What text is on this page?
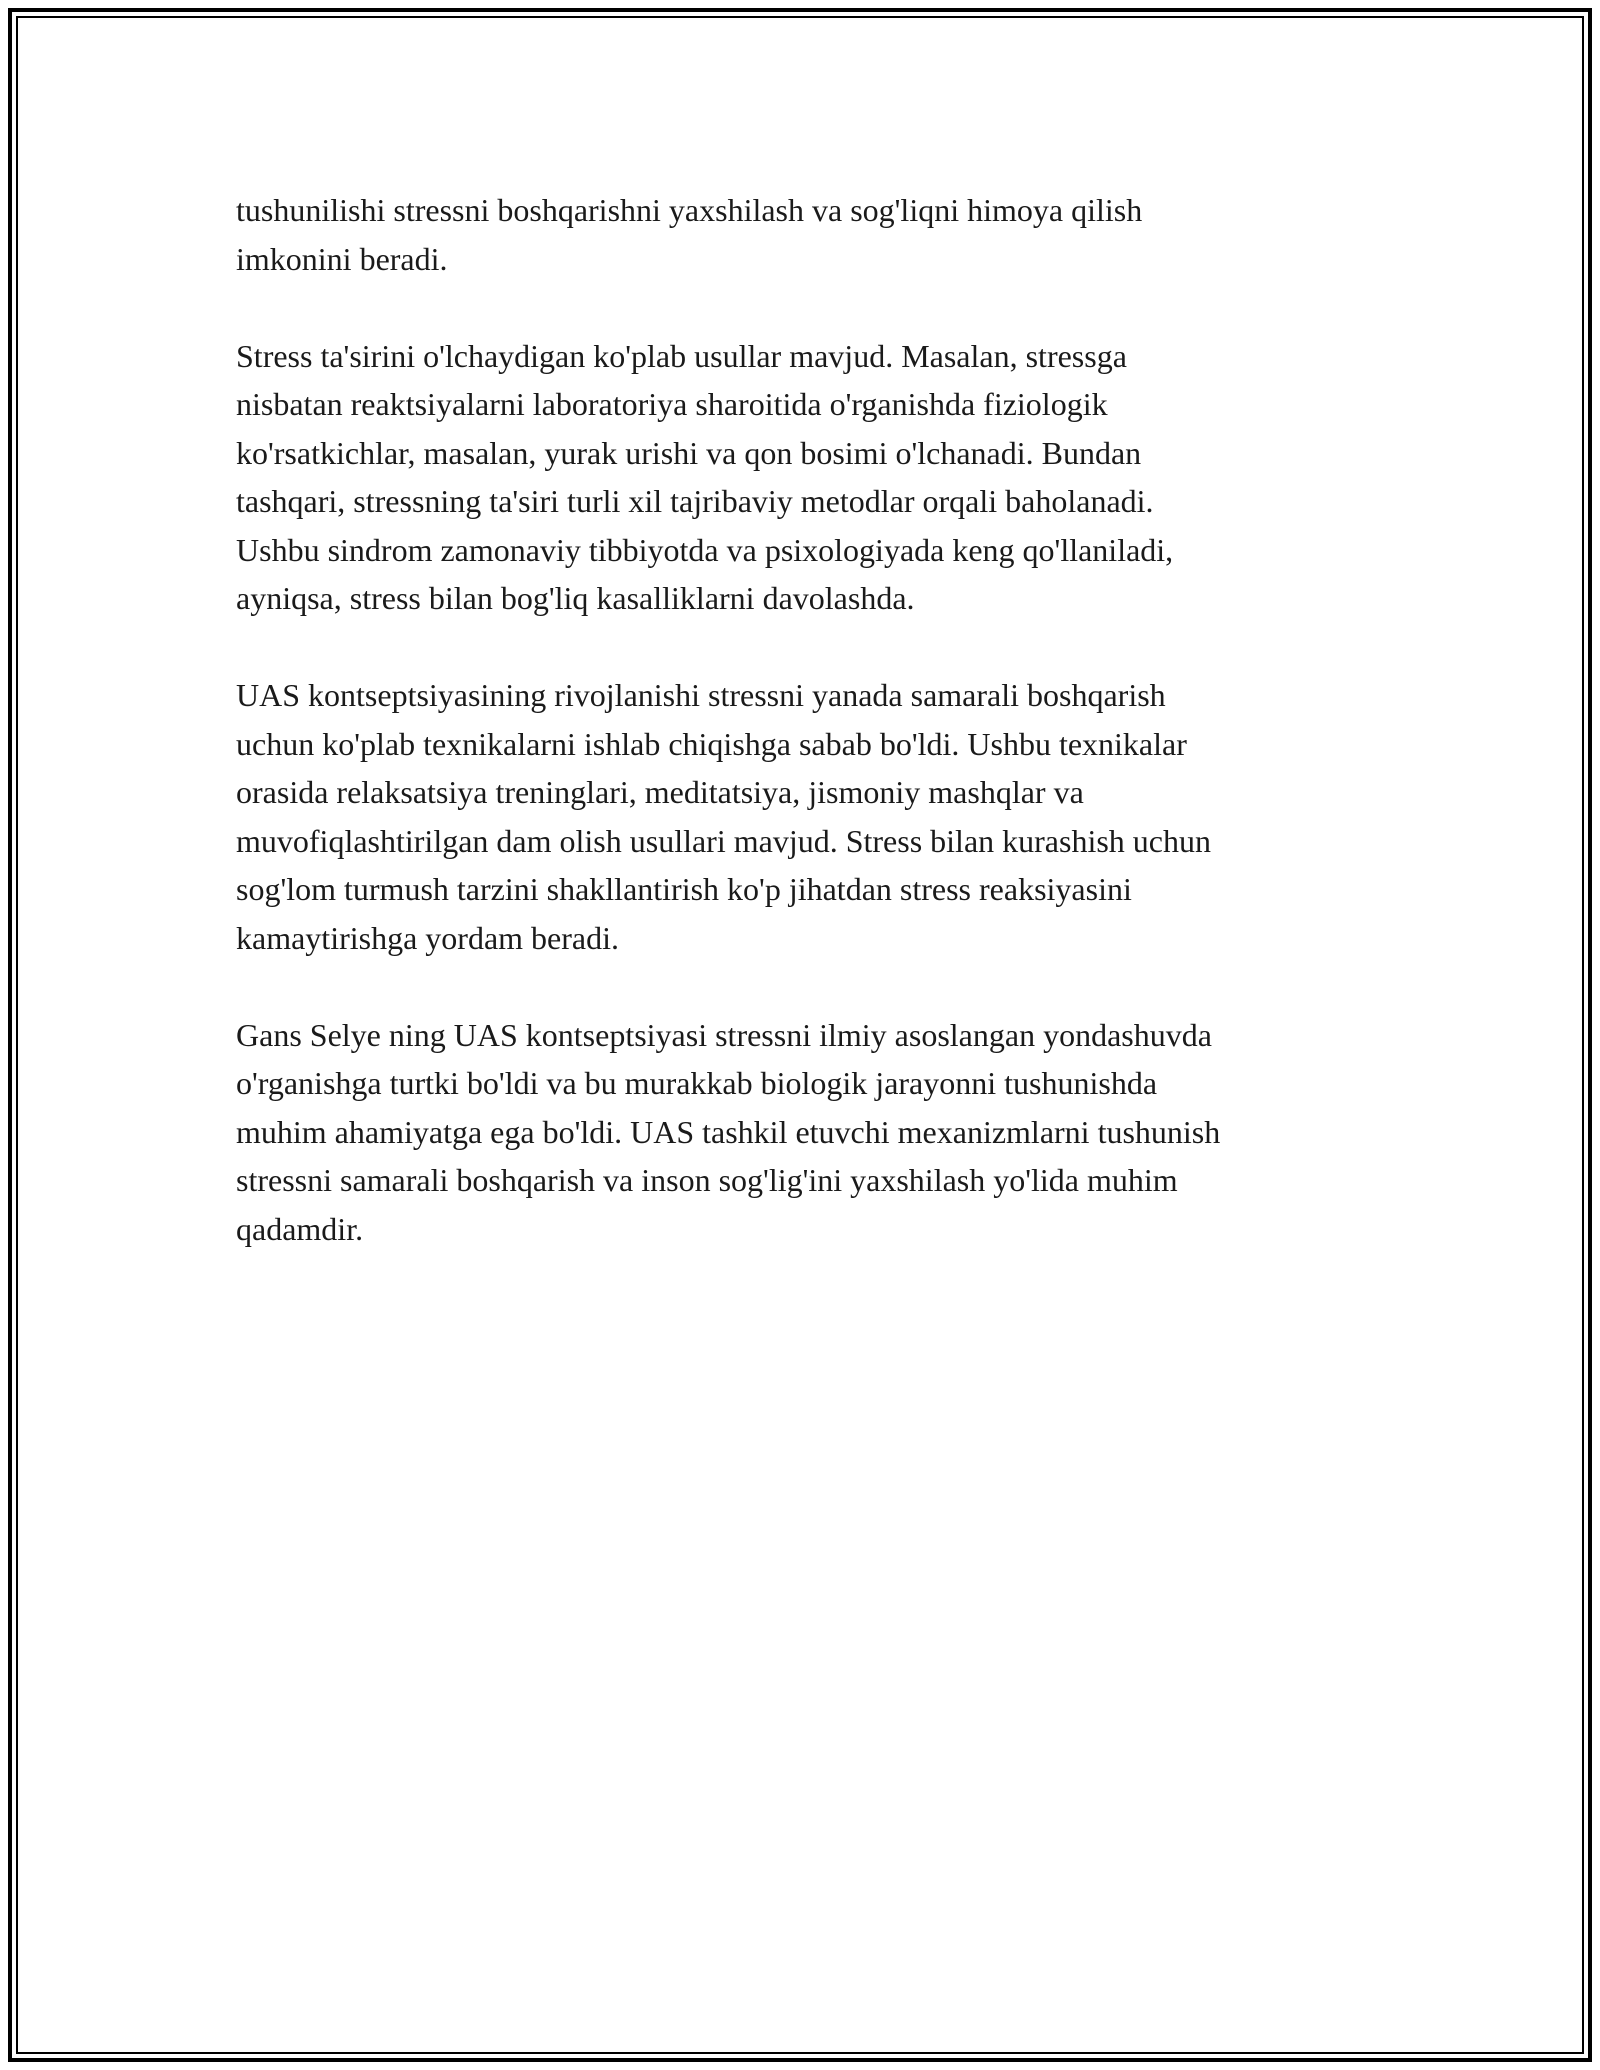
tushunilishi stressni boshqarishni yaxshilash va sog'liqni himoya qilish
imkonini beradi.

Stress ta'sirini o'lchaydigan ko'plab usullar mavjud. Masalan, stressga
nisbatan reaktsiyalarni laboratoriya sharoitida o'rganishda fiziologik
ko'rsatkichlar, masalan, yurak urishi va qon bosimi o'lchanadi. Bundan
tashqari, stressning ta'siri turli xil tajribaviy metodlar orqali baholanadi.
Ushbu sindrom zamonaviy tibbiyotda va psixologiyada keng qo'llaniladi,
ayniqsa, stress bilan bog'liq kasalliklarni davolashda.

UAS kontseptsiyasining rivojlanishi stressni yanada samarali boshqarish
uchun ko'plab texnikalarni ishlab chiqishga sabab bo'ldi. Ushbu texnikalar
orasida relaksatsiya treninglari, meditatsiya, jismoniy mashqlar va
muvofiqlashtirilgan dam olish usullari mavjud. Stress bilan kurashish uchun
sog'lom turmush tarzini shakllantirish ko'p jihatdan stress reaksiyasini
kamaytirishga yordam beradi.

Gans Selye ning UAS kontseptsiyasi stressni ilmiy asoslangan yondashuvda
o'rganishga turtki bo'ldi va bu murakkab biologik jarayonni tushunishda
muhim ahamiyatga ega bo'ldi. UAS tashkil etuvchi mexanizmlarni tushunish
stressni samarali boshqarish va inson sog'lig'ini yaxshilash yo'lida muhim
qadamdir.
